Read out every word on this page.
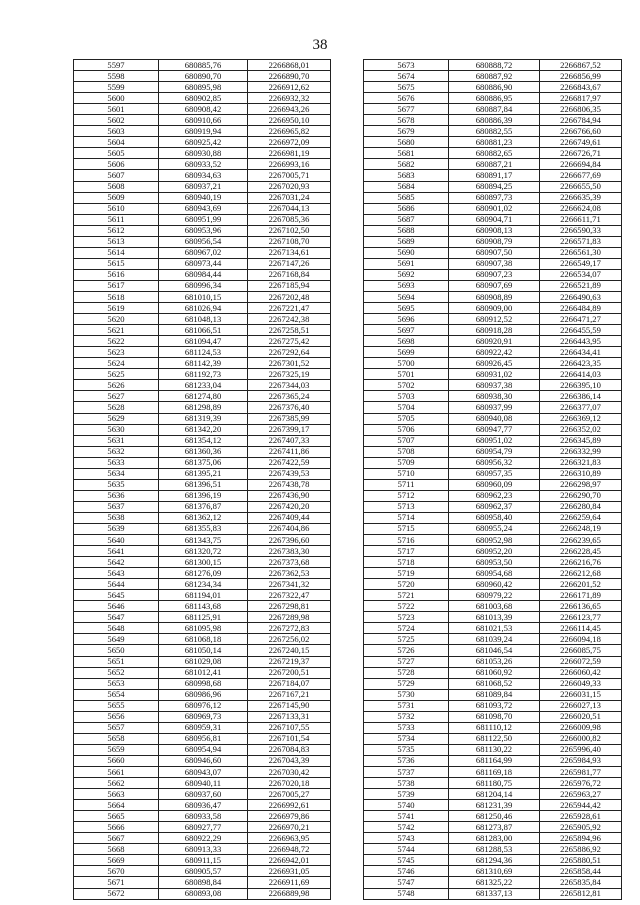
38
5597	680885,76	2266868,01
5598	680890,70	2266890,70
5599	680895,98	2266912,62
5600	680902,85	2266932,32
5601	680908,42	2266943,26
5602	680910,66	2266950,10
5603	680919,94	2266965,82
5604	680925,42	2266972,09
5605	680930,88	2266981,19
5606	680933,52	2266993,16
5607	680934,63	2267005,71
5608	680937,21	2267020,93
5609	680940,19	2267031,24
5610	680943,69	2267044,13
5611	680951,99	2267085,36
5612	680953,96	2267102,50
5613	680956,54	2267108,70
5614	680967,02	2267134,61
5615	680973,44	2267147,26
5616	680984,44	2267168,84
5617	680996,34	2267185,94
5618	681010,15	2267202,48
5619	681026,94	2267221,47
5620	681048,13	2267242,38
5621	681066,51	2267258,51
5622	681094,47	2267275,42
5623	681124,53	2267292,64
5624	681142,39	2267301,52
5625	681192,73	2267325,19
5626	681233,04	2267344,03
5627	681274,80	2267365,24
5628	681298,89	2267376,40
5629	681319,39	2267385,99
5630	681342,20	2267399,17
5631	681354,12	2267407,33
5632	681360,36	2267411,86
5633	681375,06	2267422,59
5634	681395,21	2267439,53
5635	681396,51	2267438,78
5636	681396,19	2267436,90
5637	681376,87	2267420,20
5638	681362,12	2267409,44
5639	681355,83	2267404,86
5640	681343,75	2267396,60
5641	681320,72	2267383,30
5642	681300,15	2267373,68
5643	681276,09	2267362,53
5644	681234,34	2267341,32
5645	681194,01	2267322,47
5646	681143,68	2267298,81
5647	681125,91	2267289,98
5648	681095,98	2267272,83
5649	681068,18	2267256,02
5650	681050,14	2267240,15
5651	681029,08	2267219,37
5652	681012,41	2267200,51
5653	680998,68	2267184,07
5654	680986,96	2267167,21
5655	680976,12	2267145,90
5656	680969,73	2267133,31
5657	680959,31	2267107,55
5658	680956,81	2267101,54
5659	680954,94	2267084,83
5660	680946,60	2267043,39
5661	680943,07	2267030,42
5662	680940,11	2267020,18
5663	680937,60	2267005,27
5664	680936,47	2266992,61
5665	680933,58	2266979,86
5666	680927,77	2266970,21
5667	680922,29	2266963,95
5668	680913,33	2266948,72
5669	680911,15	2266942,01
5670	680905,57	2266931,05
5671	680898,84	2266911,69
5672	680893,08	2266889,98
5673	680888,72	2266867,52
5674	680887,92	2266856,99
5675	680886,90	2266843,67
5676	680886,95	2266817,97
5677	680887,84	2266806,35
5678	680886,39	2266784,94
5679	680882,55	2266766,60
5680	680881,23	2266749,61
5681	680882,65	2266726,71
5682	680887,21	2266694,84
5683	680891,17	2266677,69
5684	680894,25	2266655,50
5685	680897,73	2266635,39
5686	680901,02	2266624,08
5687	680904,71	2266611,71
5688	680908,13	2266590,33
5689	680908,79	2266571,83
5690	680907,50	2266561,30
5691	680907,38	2266549,17
5692	680907,23	2266534,07
5693	680907,69	2266521,89
5694	680908,89	2266490,63
5695	680909,00	2266484,89
5696	680912,52	2266471,27
5697	680918,28	2266455,59
5698	680920,91	2266443,95
5699	680922,42	2266434,41
5700	680926,45	2266423,35
5701	680931,02	2266414,03
5702	680937,38	2266395,10
5703	680938,30	2266386,14
5704	680937,99	2266377,07
5705	680940,08	2266369,12
5706	680947,77	2266352,02
5707	680951,02	2266345,89
5708	680954,79	2266332,99
5709	680956,32	2266321,83
5710	680957,35	2266310,89
5711	680960,09	2266298,97
5712	680962,23	2266290,70
5713	680962,37	2266280,84
5714	680958,40	2266259,64
5715	680955,24	2266248,19
5716	680952,98	2266239,65
5717	680952,20	2266228,45
5718	680953,50	2266216,76
5719	680954,68	2266212,68
5720	680960,42	2266201,52
5721	680979,22	2266171,89
5722	681003,68	2266136,65
5723	681013,39	2266123,77
5724	681021,53	2266114,45
5725	681039,24	2266094,18
5726	681046,54	2266085,75
5727	681053,26	2266072,59
5728	681060,92	2266060,42
5729	681068,52	2266049,33
5730	681089,84	2266031,15
5731	681093,72	2266027,13
5732	681098,70	2266020,51
5733	681110,12	2266009,98
5734	681122,50	2266000,82
5735	681130,22	2265996,40
5736	681164,99	2265984,93
5737	681169,18	2265981,77
5738	681180,75	2265976,72
5739	681204,14	2265963,27
5740	681231,39	2265944,42
5741	681250,46	2265928,61
5742	681273,87	2265905,92
5743	681283,00	2265894,96
5744	681288,53	2265886,92
5745	681294,36	2265880,51
5746	681310,69	2265858,44
5747	681325,22	2265835,84
5748	681337,13	2265812,81
